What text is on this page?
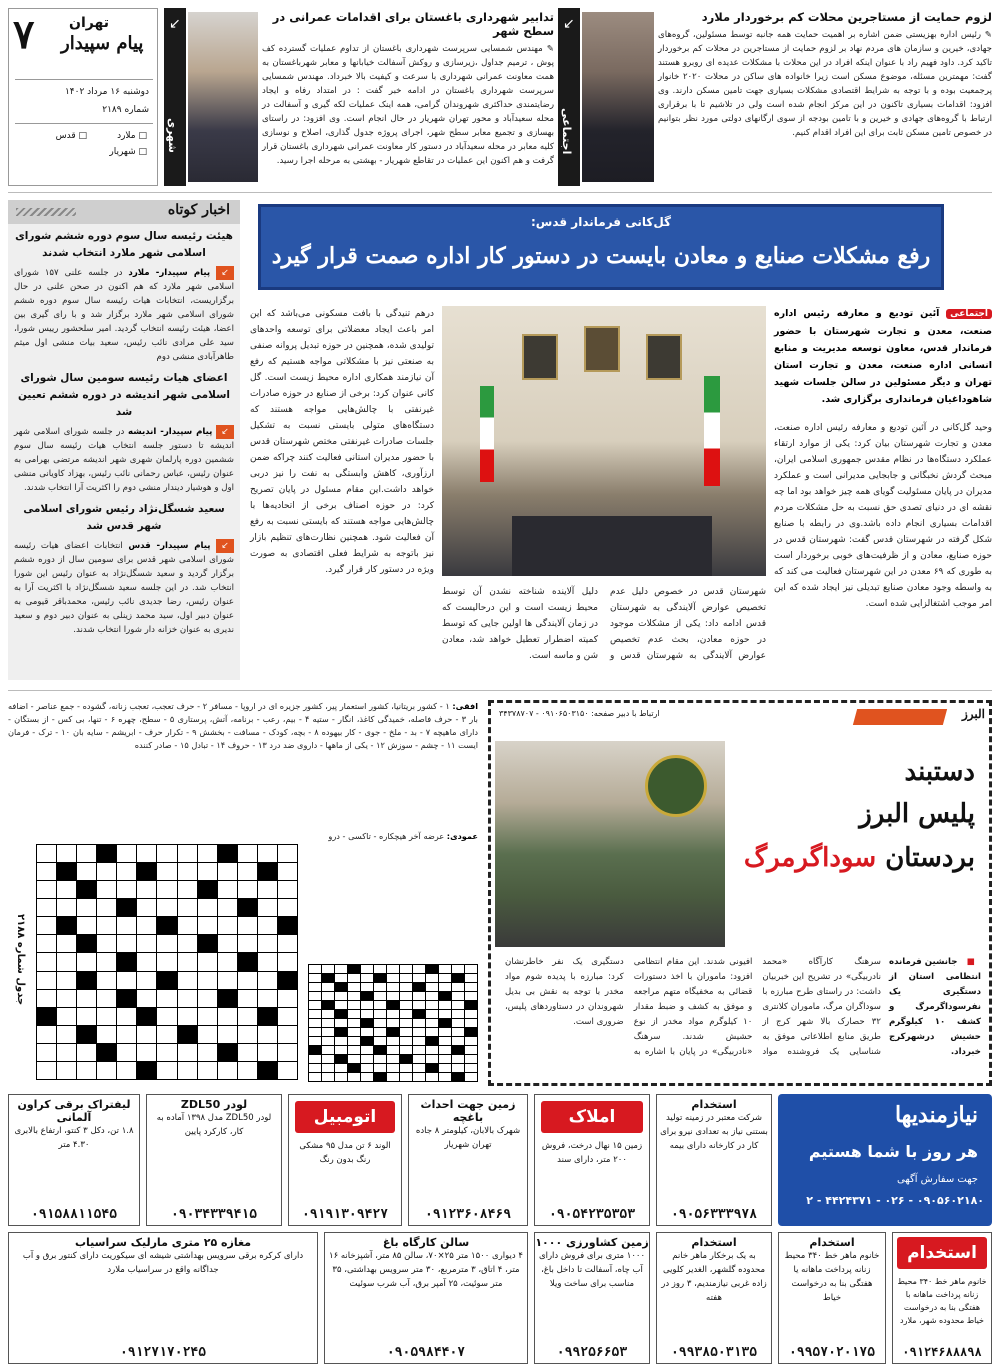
۷ تهران
پیام سپیدار
دوشنبه ۱۶ مرداد ۱۴۰۲
شماره ۲۱۸۹
□ ملارد
□ قدس
□ شهریار
↙
شهری
↙
اجتماعی
تدابیر شهرداری باغستان برای اقدامات عمرانی در سطح شهر
✎ مهندس شمسایی سرپرست شهرداری باغستان از تداوم عملیات گسترده کف پوش ، ترمیم جداول ،زیرسازی و روکش آسفالت خیابانها و معابر شهرباغستان به همت معاونت عمرانی شهرداری با سرعت و کیفیت بالا خبرداد. مهندس شمسایی سرپرست شهرداری باغستان در ادامه خبر گفت : در امتداد رفاه و ایجاد رضایتمندی حداکثری شهروندان گرامی، همه اینک عملیات لکه گیری و آسفالت در محله سعیدآباد و محور تهران شهریار در حال انجام است. وی افزود: در راستای بهسازی و تجمیع معابر سطح شهر، اجرای پروژه جدول گذاری، اصلاح و نوسازی کلیه معابر در محله سعیدآباد در دستور کار معاونت عمرانی شهرداری باغستان قرار گرفت و هم اکنون این عملیات در تقاطع شهریار - بهشتی به مرحله اجرا رسید.
لزوم حمایت از مستاجرین محلات کم برخوردار ملارد
✎ رئیس اداره بهزیستی ضمن اشاره بر اهمیت حمایت همه جانبه توسط مسئولین، گروه‌های جهادی، خیرین و سازمان های مردم نهاد بر لزوم حمایت از مستاجرین در محلات کم برخوردار تاکید کرد. داود فهیم راد با عنوان اینکه افراد در این محلات با مشکلات عدیده ای روبرو هستند گفت: مهمترین مسئله، موضوع مسکن است زیرا خانواده های ساکن در محلات ۲۰۲۰ خانوار پرجمعیت بوده و با توجه به شرایط اقتصادی مشکلات بسیاری جهت تامین مسکن دارند. وی افزود: اقدامات بسیاری تاکنون در این مرکز انجام شده است ولی در تلاشیم تا با برقراری ارتباط با گروه‌های جهادی و خیرین و با تامین بودجه از سوی ارگانهای دولتی مورد نظر بتوانیم در خصوص تامین مسکن ثابت برای این افراد اقدام کنیم.
اخبار کوتاه
هیئت رئیسه سال سوم دوره ششم شورای اسلامی شهر ملارد انتخاب شدند
↙ پیام سپیدار- ملارد در جلسه علنی ۱۵۷ شورای اسلامی شهر ملارد که هم اکنون در صحن علنی در حال برگزاریست، انتخابات هیات رئیسه سال سوم دوره ششم شورای اسلامی شهر ملارد برگزار شد و با رای گیری بین اعضا، هیئت رئیسه انتخاب گردید. امیر سلحشور رییس شورا، سید علی مرادی نائب رئیس، سعید بیات منشی اول میثم طاهرآبادی منشی دوم
اعضای هیات رئیسه سومین سال شورای اسلامی شهر اندیشه در دوره ششم تعیین شد
↙ پیام سپیدار- اندیشه در جلسه شورای اسلامی شهر اندیشه تا دستور جلسه انتخاب هیات رئیسه سال سوم ششمین دوره پارلمان شهری شهر اندیشه مرتضی بهرامی به عنوان رئیس، عباس رحمانی نائب رئیس، بهزاد کاویانی منشی اول و هوشیار دیندار منشی دوم را اکثریت آرا انتخاب شدند.
سعید شسگل‌نژاد رئیس شورای اسلامی شهر قدس شد
↙ پیام سپیدار- قدس انتخابات اعضای هیات رئیسه شورای اسلامی شهر قدس برای سومین سال از دوره ششم برگزار گردید و سعید شسگل‌نژاد به عنوان رئیس این شورا انتخاب شد. در این جلسه سعید شسگل‌نژاد با اکثریت آرا به عنوان رئیس، رضا جدیدی نائب رئیس، محمدباقر قیومی به عنوان دبیر اول، سید محمد زینلی به عنوان دبیر دوم و سعید ندیری به عنوان خزانه دار شورا انتخاب شدند.
گل‌کانی فرماندار قدس:
رفع مشکلات صنایع و معادن بایست در دستور کار اداره صمت قرار گیرد
اجتماعی آئین تودیع و معارفه رئیس اداره صنعت، معدن و تجارت شهرستان با حضور فرماندار قدس، معاون توسعه مدیریت و منابع انسانی اداره صنعت، معدن و تجارت استان تهران و دیگر مسئولین در سالن جلسات شهید شاهوداغیان فرمانداری برگزاری شد.
وحید گل‌کانی در آئین تودیع و معارفه رئیس اداره صنعت، معدن و تجارت شهرستان بیان کرد: یکی از موارد ارتقاء عملکرد دستگاه‌ها در نظام مقدس جمهوری اسلامی ایران، مبحث گردش نخبگانی و جابجایی مدیرانی است و عملکرد مدیران در پایان مسئولیت گویای همه چیز خواهد بود اما چه نقشه ای در دنیای تصدی حق نسبت به حل مشکلات مردم اقدامات بسیاری انجام داده باشد.وی در رابطه با صنایع شکل گرفته در شهرستان قدس گفت: شهرستان قدس در حوزه صنایع، معادن و از ظرفیت‌های خوبی برخوردار است به طوری که ۶۹ معدن در این شهرستان فعالیت می کند که به واسطه وجود معادن صنایع تبدیلی نیز ایجاد شده که این امر موجب اشتغالزایی شده است.
شهرستان قدس در خصوص دلیل عدم تخصیص عوارض آلایندگی به شهرستان قدس ادامه داد: یکی از مشکلات موجود در حوزه معادن، بحث عدم تخصیص عوارض آلایندگی به شهرستان قدس و دلیل آلاینده شناخته نشدن آن توسط محیط زیست است و این درحالیست که در زمان آلایندگی ها اولین جایی که توسط کمیته اضطرار تعطیل خواهد شد، معادن شن و ماسه است.
درهم تنیدگی با بافت مسکونی می‌باشد که این امر باعث ایجاد معضلاتی برای توسعه واحدهای تولیدی شده، همچنین در حوزه تبدیل پروانه صنفی به صنعتی نیز با مشکلاتی مواجه هستیم که رفع آن نیازمند همکاری اداره محیط زیست است. گل کانی عنوان کرد: برخی از صنایع در حوزه صادرات غیرنفتی با چالش‌هایی مواجه هستند که دستگاه‌های متولی بایستی نسبت به تشکیل جلسات صادرات غیرنفتی مختص شهرستان قدس با حضور مدیران استانی فعالیت کنند چراکه ضمن ارزآوری، کاهش وابستگی به نفت را نیز دربی خواهد داشت.این مقام مسئول در پایان تصریح کرد: در حوزه اصناف برخی از اتحادیه‌ها با چالش‌هایی مواجه هستند که بایستی نسبت به رفع آن فعالیت شود. همچنین نظارت‌های تنظیم بازار نیز باتوجه به شرایط فعلی اقتصادی به صورت ویژه در دستور کار قرار گیرد.
افقی: ۱ - کشور بریتانیا، کشور استعمار پیر، کشور جزیره ای در اروپا - مسافر ۲ - حرف تعجب، تعجب زنانه، گشوده - جمع عناصر - اضافه بار ۳ - حرف فاصله، خمیدگی کاغذ، انگار - ستیه ۴ - بیم، رعب - برنامه، آتش، پرستاری ۵ - سطح، چهره ۶ - تنها، بی کس - از بستگان - دارای ماهیچه ۷ - بد - ملخ - جوی - کار بیهوده ۸ - بچه، کودک - مسافت - بخشش ۹ - تکرار حرف - ابریشم - سایه بان ۱۰ - ترک - فرمان ایست ۱۱ - چشم - سوزش ۱۲ - یکی از ماهها - داروی ضد درد ۱۳ - حروف ۱۴ - تبادل ۱۵ - صادر کننده
جدول شماره ۲۱۸۸
عمودی: عرضه آخر هیچکاره - تاکسی - درو
البرز
ارتباط با دبیر صفحه: ۰۹۱۰۶۵۰۳۱۵۰ - ۳۴۳۷۸۷۰۷
دستبند
پلیس البرز
بردستان سوداگرمرگ
■ جانشین فرمانده انتظامی استان از دستگیری یک نفرسوداگرمرگ و کشف ۱۰ کیلوگرم حشیش درشهرکرج خبرداد.
سرهنگ کارآگاه «محمد نادربیگی» در تشریح این خبربیان داشت: در راستای طرح مبارزه با سوداگران مرگ، ماموران کلانتری ۳۲ حصارک بالا شهر کرج از طریق منابع اطلاعاتی موفق به شناسایی یک فروشنده مواد افیونی شدند. این مقام انتظامی افزود: ماموران با اخذ دستورات قضائی به مخفیگاه متهم مراجعه و موفق به کشف و ضبط مقدار ۱۰ کیلوگرم مواد مخدر از نوع حشیش شدند. سرهنگ «نادربیگی» در پایان با اشاره به دستگیری یک نفر خاطرنشان کرد: مبارزه با پدیده شوم مواد مخدر با توجه به نقش بی بدیل شهروندان در دستاوردهای پلیس، ضروری است.
نیازمندیها
هر روز با شما هستیم
جهت سفارش آگهی
۰۹۰۵۶۰۲۱۸۰ - ۰۲۶ - ۴۴۲۴۳۷۱ - ۲
استخدام
خانوم ماهر خط ۳۴۰ محیط زنانه پرداخت ماهانه با هفتگی بنا به درخواست خیاط محدوده شهر، ملارد
۰۹۱۲۴۶۸۸۸۹۸
استخدام
خانوم ماهر خط ۳۴۰ محیط زنانه پرداخت ماهانه یا هفتگی بنا به درخواست خیاط
۰۹۹۵۷۰۲۰۱۷۵
استخدام
به یک برخکار ماهر خانم محدوده گلشهر، الغدیر کلویی زاده غربی نیازمندیم، ۳ روز در هفته
۰۹۹۳۸۵۰۳۱۳۵
زمین کشاورزی ۱۰۰۰
۱۰۰۰ متری برای فروش دارای آب چاه، آسفالت تا داخل باغ، مناسب برای ساخت ویلا
۰۹۹۲۵۶۶۵۳
سالن کارگاه باغ
۴ دیواری ۱۵۰۰ متر ۲۵×۷۰، سالن ۸۵ متر، آشپزخانه ۱۶ متر، ۴ اتاق، ۳ مترمربع، ۳۰ متر سرویس بهداشتی، ۳۵ متر سوئیت، ۲۵ آمپر برق، آب شرب سوئیت
۰۹۰۵۹۸۴۴۰۷
مغازه ۲۵ متری مارلیک سراسیاب
دارای کرکره برقی سرویس بهداشتی شیشه ای سیکوریت دارای کنتور برق و آب جداگانه واقع در سراسیاب ملارد
۰۹۱۲۷۱۷۰۲۴۵
استخدام
شرکت معتبر در زمینه تولید بستنی نیاز به تعدادی نیرو برای کار در کارخانه دارای بیمه
۰۹۰۵۶۳۳۳۹۷۸
املاک
زمین ۱۵ نهال درخت، فروش ۲۰۰ متر، دارای سند
۰۹۰۵۴۲۳۵۳۵۳
زمین جهت احداث باغچه
شهرک بالابان، کیلومتر ۸ جاده تهران شهریار
۰۹۱۲۳۶۰۸۴۶۹
اتومبیل
الوند ۶ تن مدل ۹۵ مشکی رنگ بدون رنگ
۰۹۱۹۱۳۰۹۴۲۷
لودر ZDL50
لودر ZDL50 مدل ۱۳۹۸ آماده به کار، کارکرد پایین
۰۹۰۳۴۳۳۹۴۱۵
لیفتراک برقی کراون آلمانی
۱.۸ تن، دکل ۳ کنتو، ارتفاع بالابری ۴.۳۰ متر
۰۹۱۵۸۸۱۱۵۴۵
